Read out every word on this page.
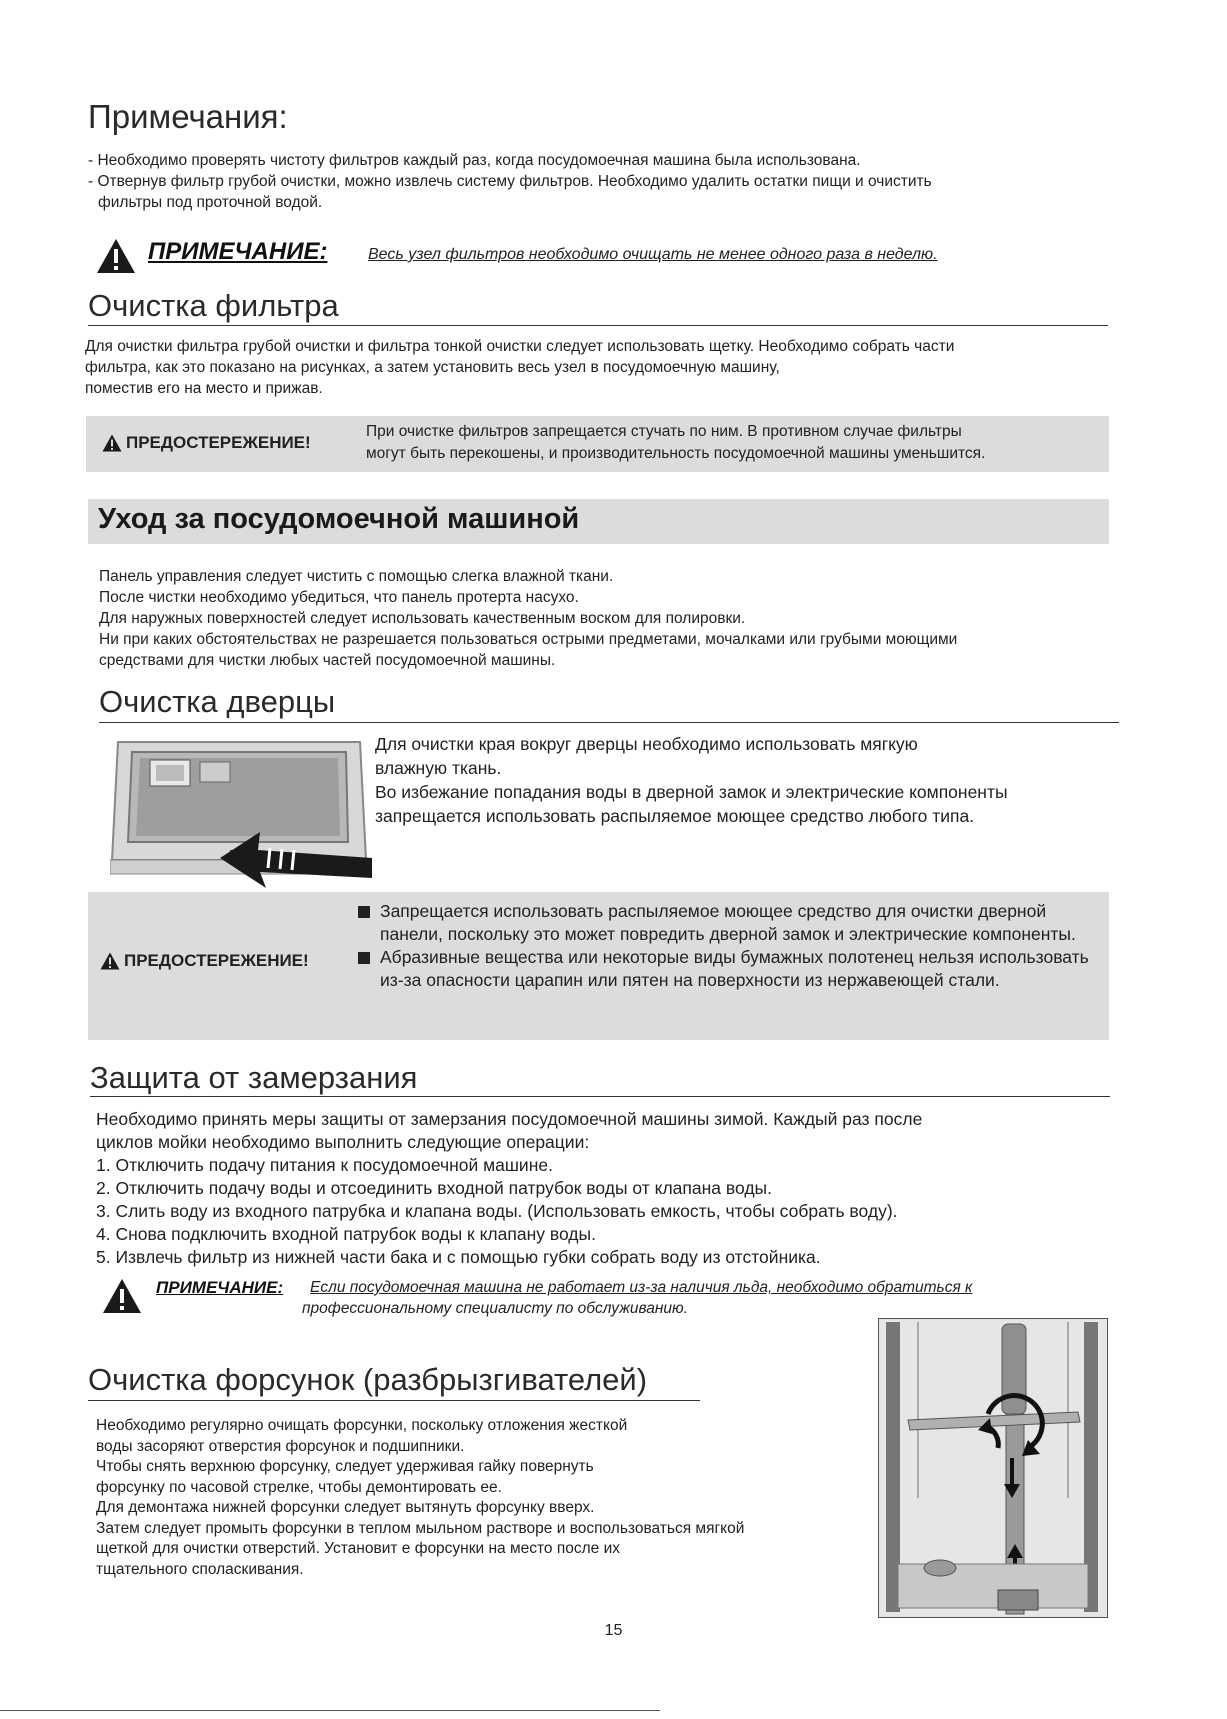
Примечания:

- Необходимо проверять чистоту фильтров каждый раз, когда посудомоечная машина была использована.

- Отвернув фильтр грубой очистки, можно извлечь систему фильтров. Необходимо удалить остатки пищи и очистить

фильтры под проточной водой.

ПРИМЕЧАНИЕ:	Весь узел фильтров необходимо очищать не менее одного раза в неделю.
Очистка фильтра

Для очистки фильтра грубой очистки и фильтра тонкой очистки следует использовать щетку. Необходимо собрать части

фильтра, как это показано на рисунках, а затем установить весь узел в посудомоечную машину,

поместив его на место и прижав.

ПРЕДОСТЕРЕЖЕНИЕ!
При очистке фильтров запрещается стучать по ним. В противном случае фильтры
могут быть перекошены, и производительность посудомоечной машины уменьшится.
Уход за посудомоечной машиной

Панель управления следует чистить с помощью слегка влажной ткани.

После чистки необходимо убедиться, что панель протерта насухо.

Для наружных поверхностей следует использовать качественным воском для полировки.

Ни при каких обстоятельствах не разрешается пользоваться острыми предметами, мочалками или грубыми моющими

средствами для чистки любых частей посудомоечной машины.

Очистка дверцы

Для очистки края вокруг дверцы необходимо использовать мягкую

влажную ткань.

Во избежание попадания воды в дверной замок и электрические компоненты

запрещается использовать распыляемое моющее средство любого типа.

ПРЕДОСТЕРЕЖЕНИЕ!
Запрещается использовать распыляемое моющее средство для очистки дверной панели, поскольку это может повредить дверной замок и электрические компоненты.
Абразивные вещества или некоторые виды бумажных полотенец нельзя использовать из-за опасности царапин или пятен на поверхности из нержавеющей стали.
Защита от замерзания

Необходимо принять меры защиты от замерзания посудомоечной машины зимой. Каждый раз после

циклов мойки необходимо выполнить следующие операции:

1. Отключить подачу питания к посудомоечной машине.

2. Отключить подачу воды и отсоединить входной патрубок воды от клапана воды.

3. Слить воду из входного патрубка и клапана воды. (Использовать емкость, чтобы собрать воду).

4. Снова подключить входной патрубок воды к клапану воды.

5. Извлечь фильтр из нижней части бака и с помощью губки собрать воду из отстойника.

ПРИМЕЧАНИЕ: Если посудомоечная машина не работает из-за наличия льда, необходимо обратиться к
профессиональному специалисту по обслуживанию.
Очистка форсунок (разбрызгивателей)

Необходимо регулярно очищать форсунки, поскольку отложения жесткой

воды засоряют отверстия форсунок и подшипники.

Чтобы снять верхнюю форсунку, следует удерживая гайку повернуть

форсунку по часовой стрелке, чтобы демонтировать ее.

Для демонтажа нижней форсунки следует вытянуть форсунку вверх.

Затем следует промыть форсунки в теплом мыльном растворе и воспользоваться мягкой

щеткой для очистки отверстий. Установит е форсунки на место после их

тщательного споласкивания.

15
